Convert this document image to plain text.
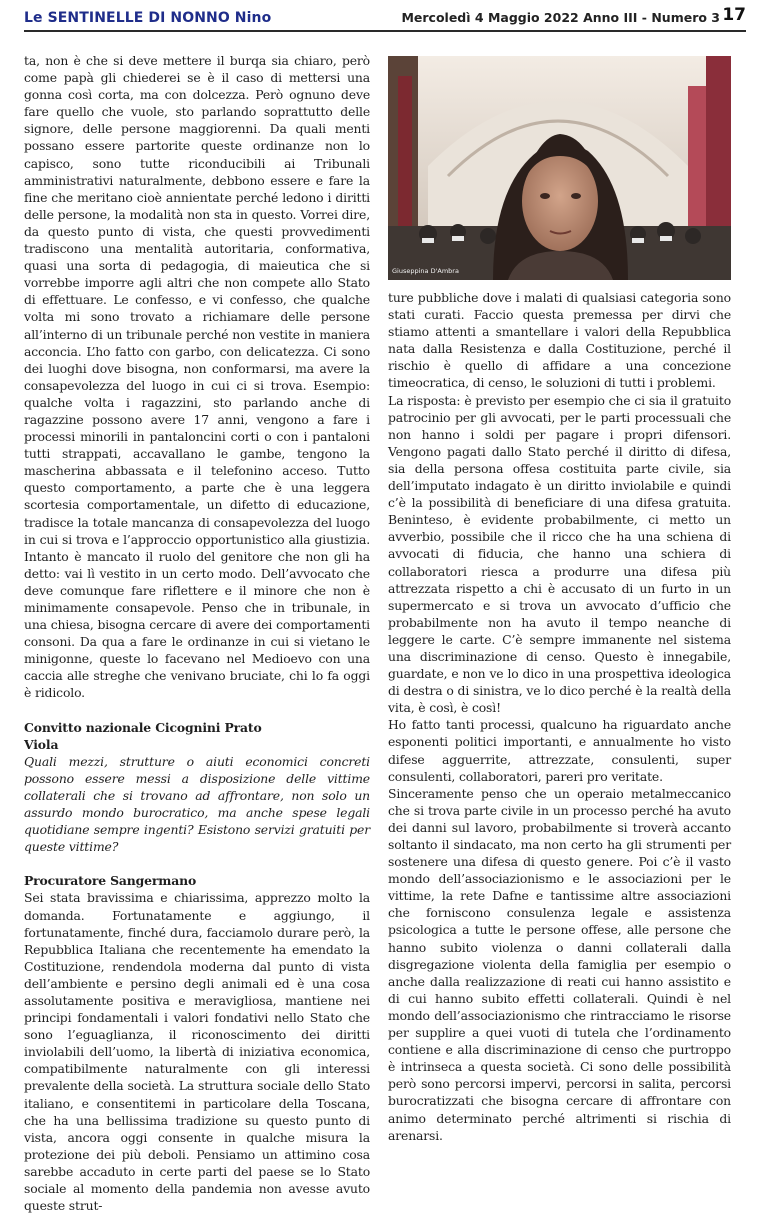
Le SENTINELLE DI NONNO Nino	Mercoledì 4 Maggio 2022 Anno III - Numero 3 17

ta, non è che si deve mettere il burqa sia chiaro, però come papà gli chiederei se è il caso di mettersi una gonna così corta, ma con dolcezza. Però ognuno deve fare quello che vuole, sto parlando soprattutto delle signore, delle persone maggiorenni. Da quali menti possano essere partorite queste ordinanze non lo capisco, sono tutte riconducibili ai Tribunali amministrativi naturalmente, debbono essere e fare la fine che meritano cioè annientate perché ledono i diritti delle persone, la modalità non sta in questo. Vorrei dire, da questo punto di vista, che questi provvedimenti tradiscono una mentalità autoritaria, conformativa, quasi una sorta di pedagogia, di maieutica che si vorrebbe imporre agli altri che non compete allo Stato di effettuare. Le confesso, e vi confesso, che qualche volta mi sono trovato a richiamare delle persone all’interno di un tribunale perché non vestite in maniera acconcia. L’ho fatto con garbo, con delicatezza. Ci sono dei luoghi dove bisogna, non conformarsi, ma avere la consapevolezza del luogo in cui ci si trova. Esempio: qualche volta i ragazzini, sto parlando anche di ragazzine possono avere 17 anni, vengono a fare i processi minorili in pantaloncini corti o con i pantaloni tutti strappati, accavallano le gambe, tengono la mascherina abbassata e il telefonino acceso. Tutto questo comportamento, a parte che è una leggera scortesia comportamentale, un difetto di educazione, tradisce la totale mancanza di consapevolezza del luogo in cui si trova e l’approccio opportunistico alla giustizia. Intanto è mancato il ruolo del genitore che non gli ha detto: vai lì vestito in un certo modo. Dell’avvocato che deve comunque fare riflettere e il minore che non è minimamente consapevole. Penso che in tribunale, in una chiesa, bisogna cercare di avere dei comportamenti consoni. Da qua a fare le ordinanze in cui si vietano le minigonne, queste lo facevano nel Medioevo con una caccia alle streghe che venivano bruciate, chi lo fa oggi è ridicolo.

Convitto nazionale Cicognini Prato

Viola

Quali mezzi, strutture o aiuti economici concreti possono essere messi a disposizione delle vittime collaterali che si trovano ad affrontare, non solo un assurdo mondo burocratico, ma anche spese legali quotidiane sempre ingenti? Esistono servizi gratuiti per queste vittime?

Procuratore Sangermano

Sei stata bravissima e chiarissima, apprezzo molto la domanda. Fortunatamente e aggiungo, il fortunatamente, finché dura, facciamolo durare però, la Repubblica Italiana che recentemente ha emendato la Costituzione, rendendola moderna dal punto di vista dell’ambiente e persino degli animali ed è una cosa assolutamente positiva e meravigliosa, mantiene nei principi fondamentali i valori fondativi nello Stato che sono l’eguaglianza, il riconoscimento dei diritti inviolabili dell’uomo, la libertà di iniziativa economica, compatibilmente naturalmente con gli interessi prevalente della società. La struttura sociale dello Stato italiano, e consentitemi in particolare della Toscana, che ha una bellissima tradizione su questo punto di vista, ancora oggi consente in qualche misura la protezione dei più deboli. Pensiamo un attimino cosa sarebbe accaduto in certe parti del paese se lo Stato sociale al momento della pandemia non avesse avuto queste strut-

Giuseppina D'Ambra

ture pubbliche dove i malati di qualsiasi categoria sono stati curati. Faccio questa premessa per dirvi che stiamo attenti a smantellare i valori della Repubblica nata dalla Resistenza e dalla Costituzione, perché il rischio è quello di affidare a una concezione timeocratica, di censo, le soluzioni di tutti i problemi.

La risposta: è previsto per esempio che ci sia il gratuito patrocinio per gli avvocati, per le parti processuali che non hanno i soldi per pagare i propri difensori. Vengono pagati dallo Stato perché il diritto di difesa, sia della persona offesa costituita parte civile, sia dell’imputato indagato è un diritto inviolabile e quindi c’è la possibilità di beneficiare di una difesa gratuita. Beninteso, è evidente probabilmente, ci metto un avverbio, possibile che il ricco che ha una schiena di avvocati di fiducia, che hanno una schiera di collaboratori riesca a produrre una difesa più attrezzata rispetto a chi è accusato di un furto in un supermercato e si trova un avvocato d’ufficio che probabilmente non ha avuto il tempo neanche di leggere le carte. C’è sempre immanente nel sistema una discriminazione di censo. Questo è innegabile, guardate, e non ve lo dico in una prospettiva ideologica di destra o di sinistra, ve lo dico perché è la realtà della vita, è così, è così!

Ho fatto tanti processi, qualcuno ha riguardato anche esponenti politici importanti, e annualmente ho visto difese agguerrite, attrezzate, consulenti, super consulenti, collaboratori, pareri pro veritate.

Sinceramente penso che un operaio metalmeccanico che si trova parte civile in un processo perché ha avuto dei danni sul lavoro, probabilmente si troverà accanto soltanto il sindacato, ma non certo ha gli strumenti per sostenere una difesa di questo genere. Poi c’è il vasto mondo dell’associazionismo e le associazioni per le vittime, la rete Dafne e tantissime altre associazioni che forniscono consulenza legale e assistenza psicologica a tutte le persone offese, alle persone che hanno subito violenza o danni collaterali dalla disgregazione violenta della famiglia per esempio o anche dalla realizzazione di reati cui hanno assistito e di cui hanno subito effetti collaterali. Quindi è nel mondo dell’associazionismo che rintracciamo le risorse per supplire a quei vuoti di tutela che l’ordinamento contiene e alla discriminazione di censo che purtroppo è intrinseca a questa società. Ci sono delle possibilità però sono percorsi impervi, percorsi in salita, percorsi burocratizzati che bisogna cercare di affrontare con animo determinato perché altrimenti si rischia di arenarsi.
